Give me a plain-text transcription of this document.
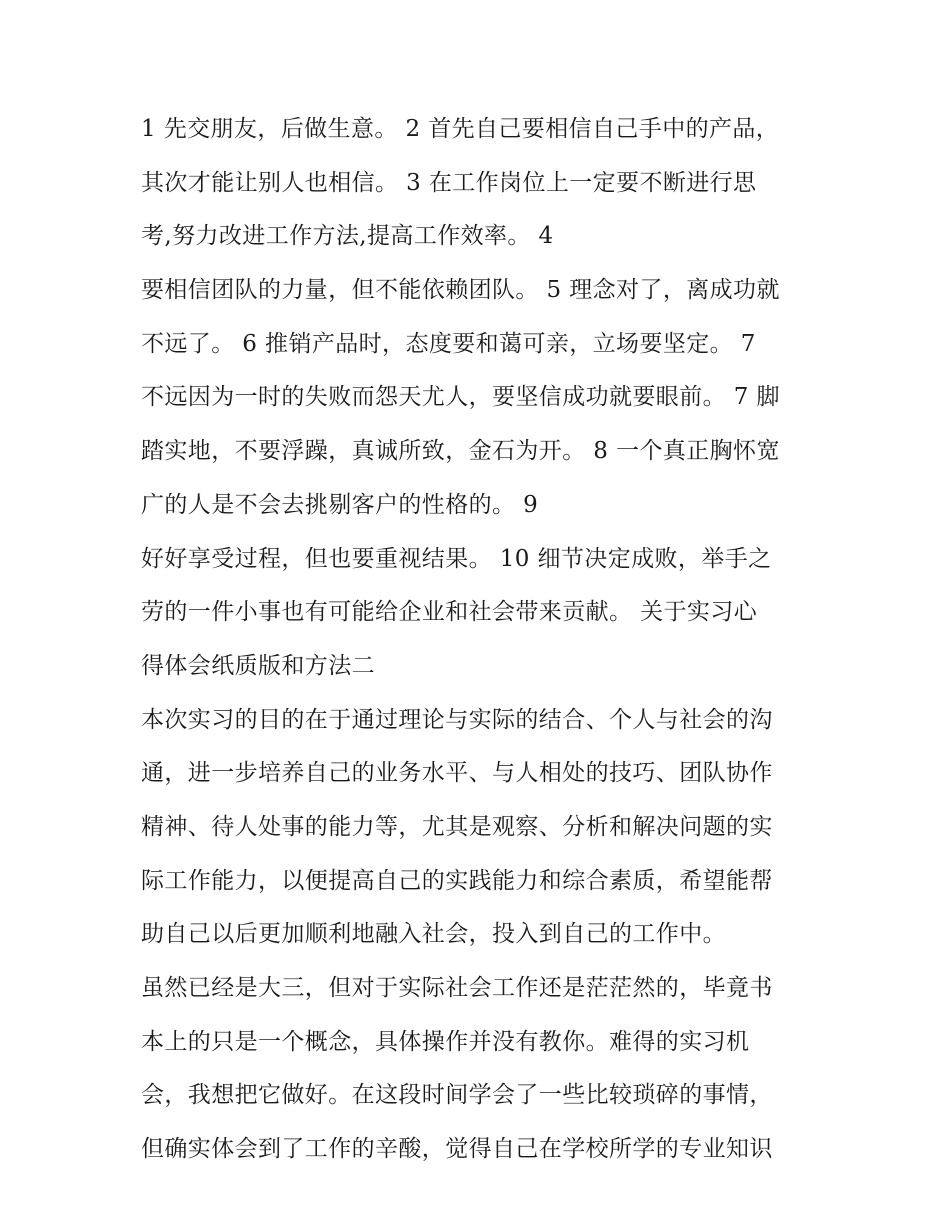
1 先交朋友，后做生意。 2 首先自己要相信自己手中的产品，
其次才能让别人也相信。 3 在工作岗位上一定要不断进行思
考,努力改进工作方法,提高工作效率。 4
要相信团队的力量，但不能依赖团队。 5 理念对了，离成功就
不远了。 6 推销产品时，态度要和蔼可亲，立场要坚定。 7
不远因为一时的失败而怨天尤人，要坚信成功就要眼前。 7 脚
踏实地，不要浮躁，真诚所致，金石为开。 8 一个真正胸怀宽
广的人是不会去挑剔客户的性格的。 9
好好享受过程，但也要重视结果。 10 细节决定成败，举手之
劳的一件小事也有可能给企业和社会带来贡献。 关于实习心
得体会纸质版和方法二
本次实习的目的在于通过理论与实际的结合、个人与社会的沟
通，进一步培养自己的业务水平、与人相处的技巧、团队协作
精神、待人处事的能力等，尤其是观察、分析和解决问题的实
际工作能力，以便提高自己的实践能力和综合素质，希望能帮
助自己以后更加顺利地融入社会，投入到自己的工作中。
虽然已经是大三，但对于实际社会工作还是茫茫然的，毕竟书
本上的只是一个概念，具体操作并没有教你。难得的实习机
会，我想把它做好。在这段时间学会了一些比较琐碎的事情，
但确实体会到了工作的辛酸，觉得自己在学校所学的专业知识
